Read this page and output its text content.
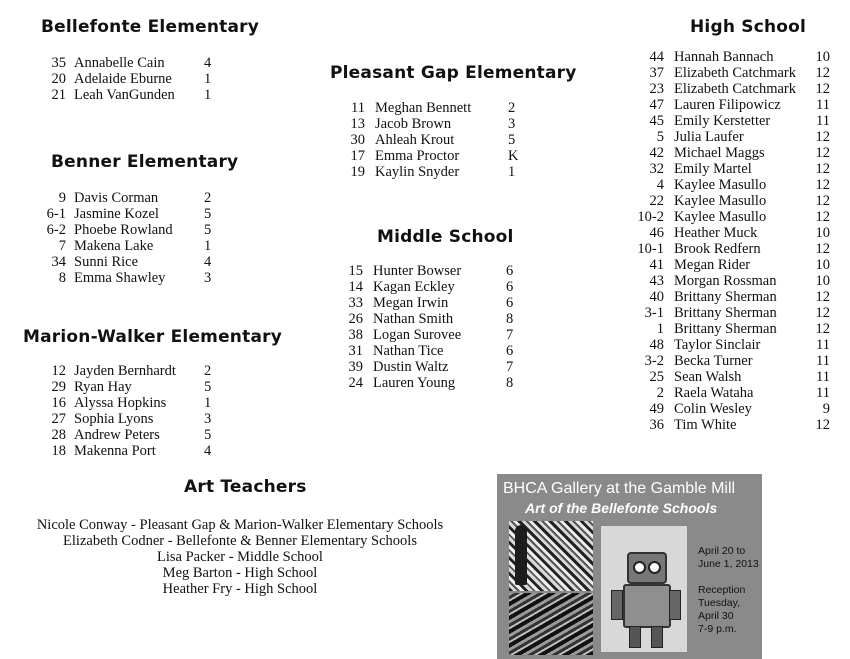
Bellefonte Elementary
35 Annabelle Cain	4
20 Adelaide Eburne 1
21 Leah VanGunden 1
Benner Elementary
9 Davis Corman	2
6-1 Jasmine Kozel	5
6-2 Phoebe Rowland 5
7 Makena Lake	1
34 Sunni Rice	4
8 Emma Shawley	3
Marion-Walker Elementary
12 Jayden Bernhardt 2
29 Ryan Hay	5
16 Alyssa Hopkins	1
27 Sophia Lyons	3
28 Andrew Peters	5
18 Makenna Port	4
Pleasant Gap Elementary
11 Meghan Bennett	2
13 Jacob Brown	3
30 Ahleah Krout	5
17 Emma Proctor	K
19 Kaylin Snyder	1
Middle School
15 Hunter Bowser	6
14 Kagan Eckley	6
33 Megan Irwin	6
26 Nathan Smith	8
38 Logan Surovee	7
31 Nathan Tice	6
39 Dustin Waltz	7
24 Lauren Young	8
High School
44 Hannah Bannach	10
37 Elizabeth Catchmark	12
23 Elizabeth Catchmark	12
47 Lauren Filipowicz	11
45 Emily Kerstetter	11
5 Julia Laufer	12
42 Michael Maggs	12
32 Emily Martel	12
4 Kaylee Masullo	12
22 Kaylee Masullo	12
10-2 Kaylee Masullo	12
46 Heather Muck	10
10-1 Brook Redfern	12
41 Megan Rider	10
43 Morgan Rossman	10
40 Brittany Sherman	12
3-1 Brittany Sherman	12
1 Brittany Sherman	12
48 Taylor Sinclair	11
3-2 Becka Turner	11
25 Sean Walsh	11
2 Raela Wataha	11
49 Colin Wesley	9
36 Tim White	12
Art Teachers
Nicole Conway - Pleasant Gap & Marion-Walker Elementary Schools
Elizabeth Codner - Bellefonte & Benner Elementary Schools
Lisa Packer - Middle School
Meg Barton - High School
Heather Fry - High School
BHCA Gallery at the Gamble Mill
Art of the Bellefonte Schools
April 20 to
June 1, 2013
Reception
Tuesday,
April 30
7-9 p.m.
